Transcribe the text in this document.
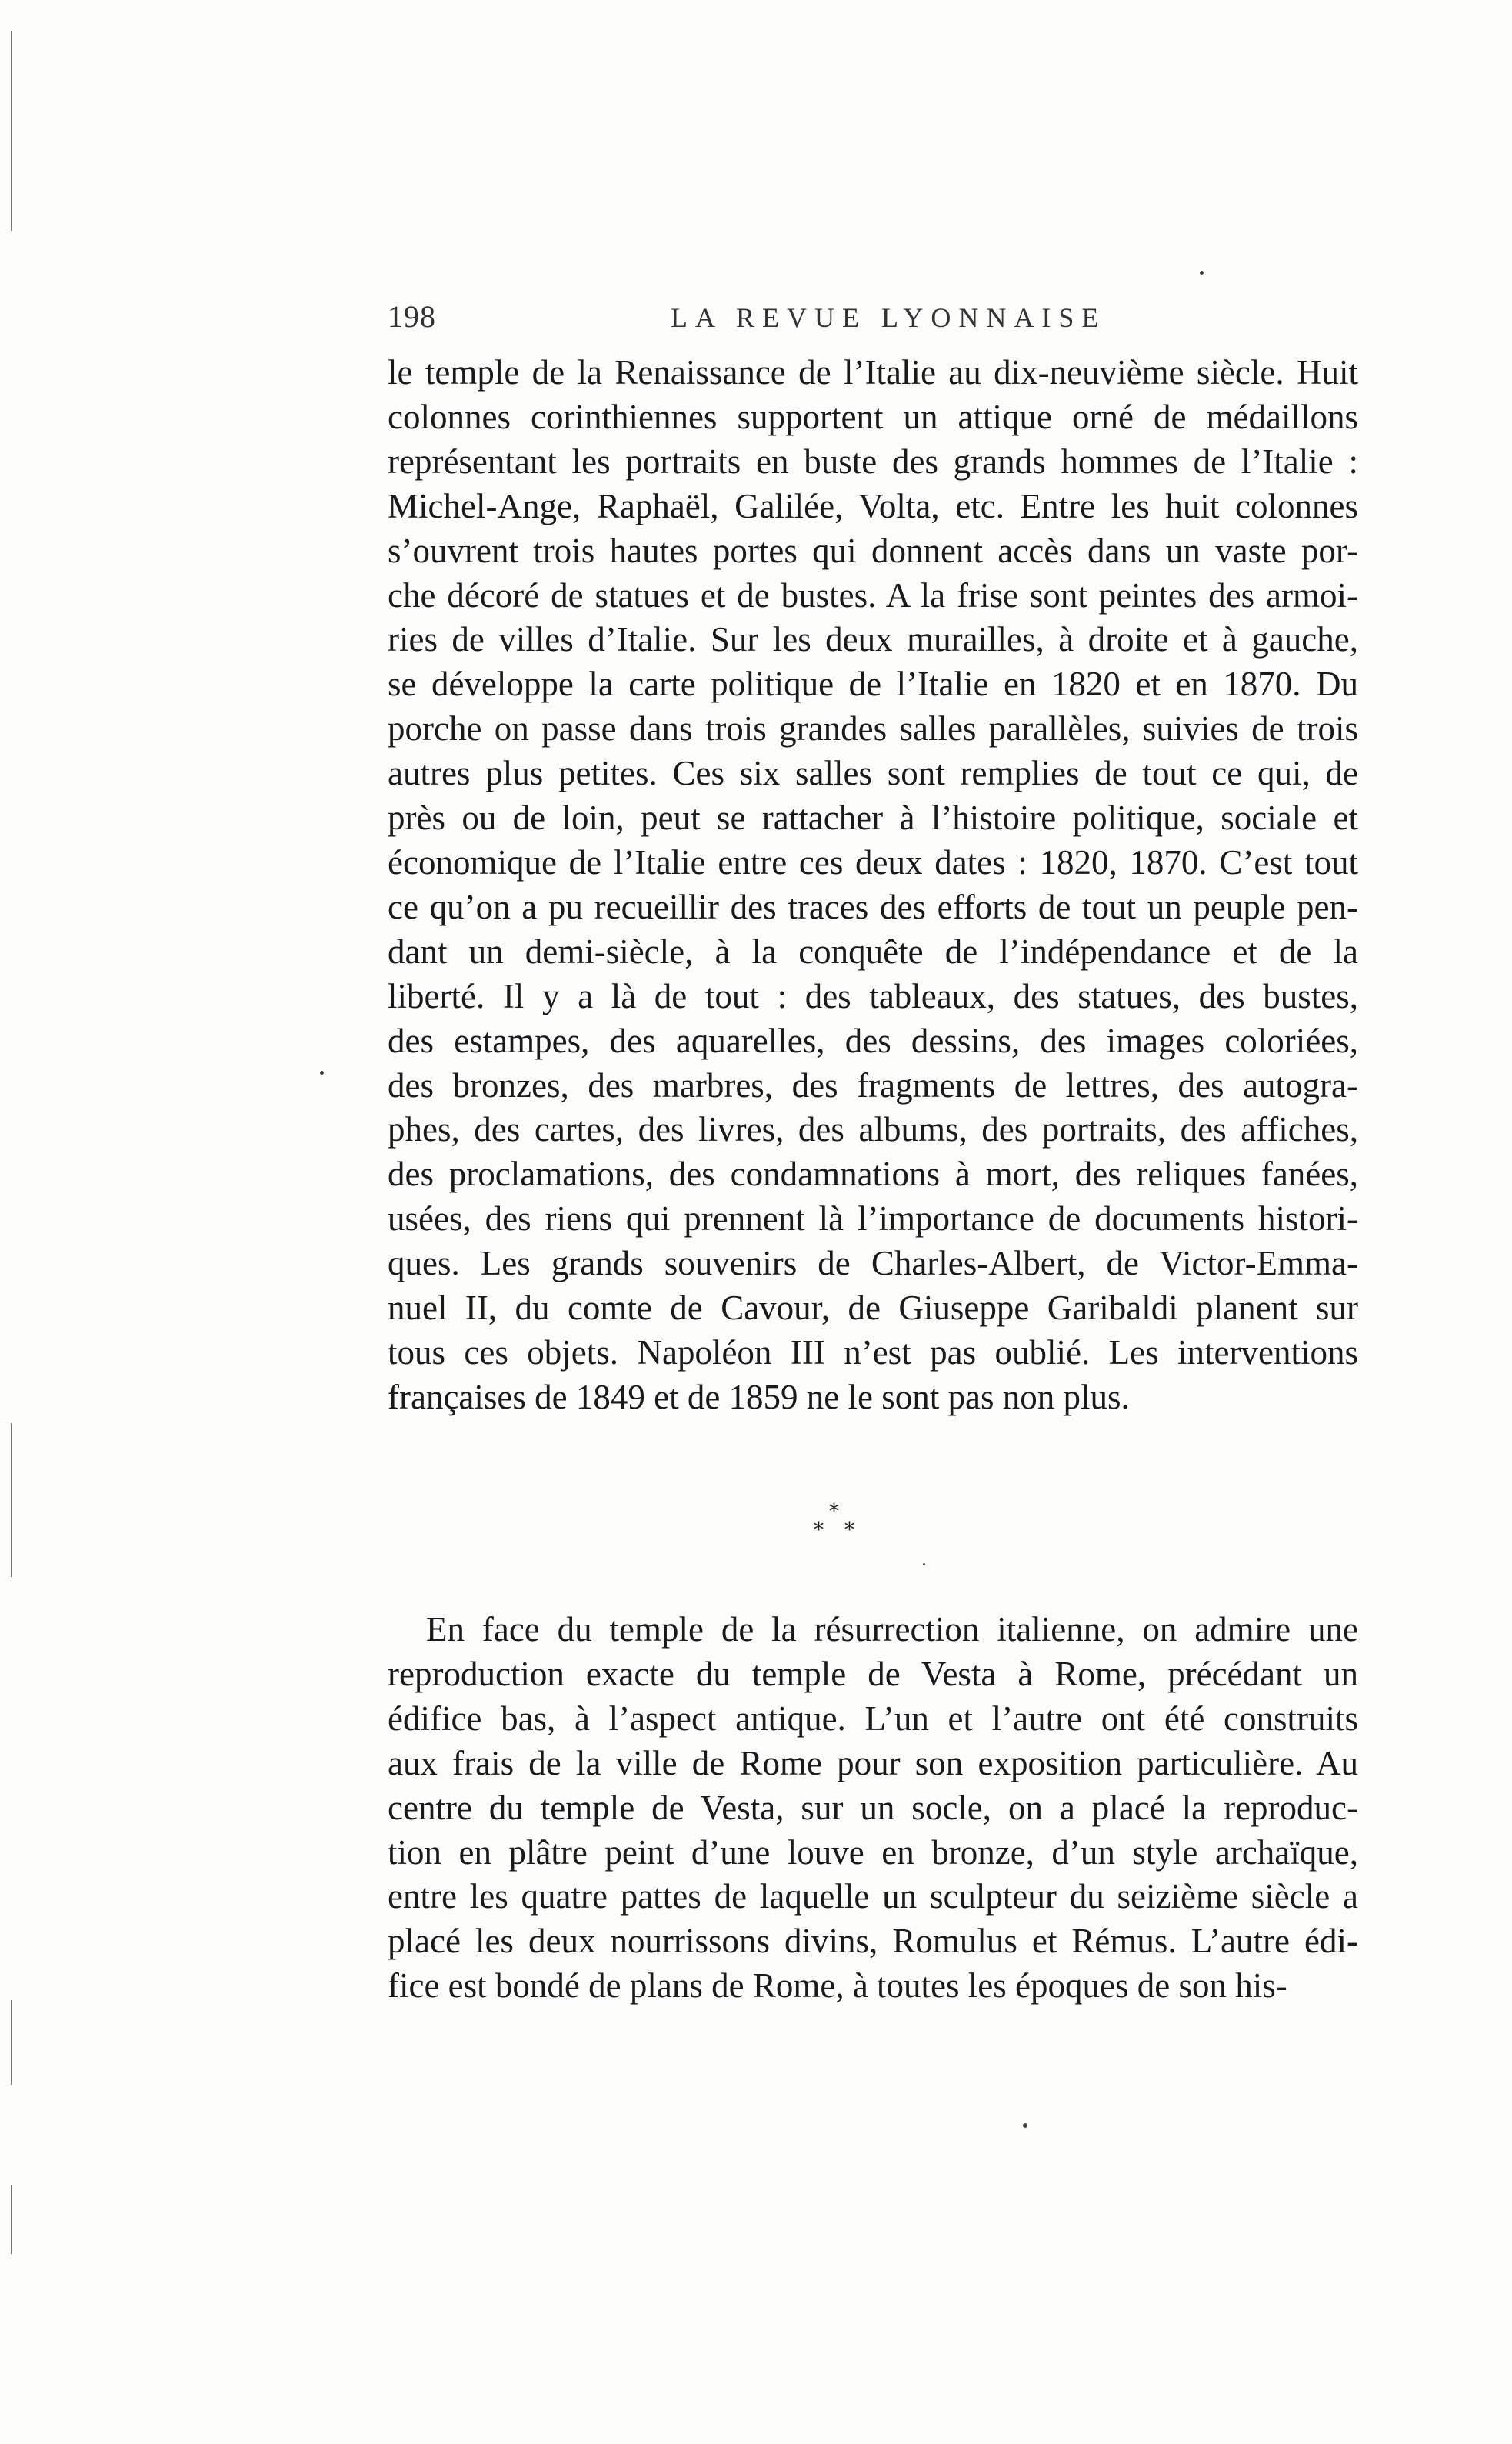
198	LA REVUE LYONNAISE
le temple de la Renaissance de l’Italie au dix-neuvième siècle. Huit
colonnes corinthiennes supportent un attique orné de médaillons
représentant les portraits en buste des grands hommes de l’Italie :
Michel-Ange, Raphaël, Galilée, Volta, etc. Entre les huit colonnes
s’ouvrent trois hautes portes qui donnent accès dans un vaste por-
che décoré de statues et de bustes. A la frise sont peintes des armoi-
ries de villes d’Italie. Sur les deux murailles, à droite et à gauche,
se développe la carte politique de l’Italie en 1820 et en 1870. Du
porche on passe dans trois grandes salles parallèles, suivies de trois
autres plus petites. Ces six salles sont remplies de tout ce qui, de
près ou de loin, peut se rattacher à l’histoire politique, sociale et
économique de l’Italie entre ces deux dates : 1820, 1870. C’est tout
ce qu’on a pu recueillir des traces des efforts de tout un peuple pen-
dant un demi-siècle, à la conquête de l’indépendance et de la
liberté. Il y a là de tout : des tableaux, des statues, des bustes,
des estampes, des aquarelles, des dessins, des images coloriées,
des bronzes, des marbres, des fragments de lettres, des autogra-
phes, des cartes, des livres, des albums, des portraits, des affiches,
des proclamations, des condamnations à mort, des reliques fanées,
usées, des riens qui prennent là l’importance de documents histori-
ques. Les grands souvenirs de Charles-Albert, de Victor-Emma-
nuel II, du comte de Cavour, de Giuseppe Garibaldi planent sur
tous ces objets. Napoléon III n’est pas oublié. Les interventions
françaises de 1849 et de 1859 ne le sont pas non plus.
*
* *
En face du temple de la résurrection italienne, on admire une
reproduction exacte du temple de Vesta à Rome, précédant un
édifice bas, à l’aspect antique. L’un et l’autre ont été construits
aux frais de la ville de Rome pour son exposition particulière. Au
centre du temple de Vesta, sur un socle, on a placé la reproduc-
tion en plâtre peint d’une louve en bronze, d’un style archaïque,
entre les quatre pattes de laquelle un sculpteur du seizième siècle a
placé les deux nourrissons divins, Romulus et Rémus. L’autre édi-
fice est bondé de plans de Rome, à toutes les époques de son his-
